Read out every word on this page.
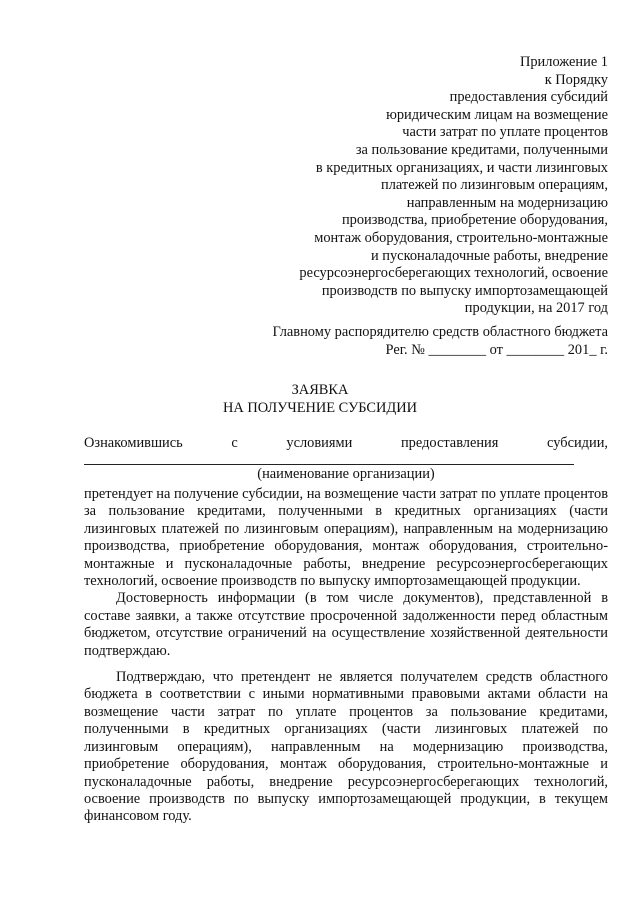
Приложение 1
к Порядку
предоставления субсидий
юридическим лицам на возмещение
части затрат по уплате процентов
за пользование кредитами, полученными
в кредитных организациях, и части лизинговых
платежей по лизинговым операциям,
направленным на модернизацию
производства, приобретение оборудования,
монтаж оборудования, строительно-монтажные
и пусконаладочные работы, внедрение
ресурсоэнергосберегающих технологий, освоение
производств по выпуску импортозамещающей
продукции, на 2017 год
Главному распорядителю средств областного бюджета
Рег. № ________ от ________ 201_ г.
ЗАЯВКА
НА ПОЛУЧЕНИЕ СУБСИДИИ
Ознакомившись с условиями предоставления субсидии,
(наименование организации)

претендует на получение субсидии, на возмещение части затрат по уплате процентов за пользование кредитами, полученными в кредитных организациях (части лизинговых платежей по лизинговым операциям), направленным на модернизацию производства, приобретение оборудования, монтаж оборудования, строительно-монтажные и пусконаладочные работы, внедрение ресурсоэнергосберегающих технологий, освоение производств по выпуску импортозамещающей продукции.

Достоверность информации (в том числе документов), представленной в составе заявки, а также отсутствие просроченной задолженности перед областным бюджетом, отсутствие ограничений на осуществление хозяйственной деятельности подтверждаю.

Подтверждаю, что претендент не является получателем средств областного бюджета в соответствии с иными нормативными правовыми актами области на возмещение части затрат по уплате процентов за пользование кредитами, полученными в кредитных организациях (части лизинговых платежей по лизинговым операциям), направленным на модернизацию производства, приобретение оборудования, монтаж оборудования, строительно-монтажные и пусконаладочные работы, внедрение ресурсоэнергосберегающих технологий, освоение производств по выпуску импортозамещающей продукции, в текущем финансовом году.
